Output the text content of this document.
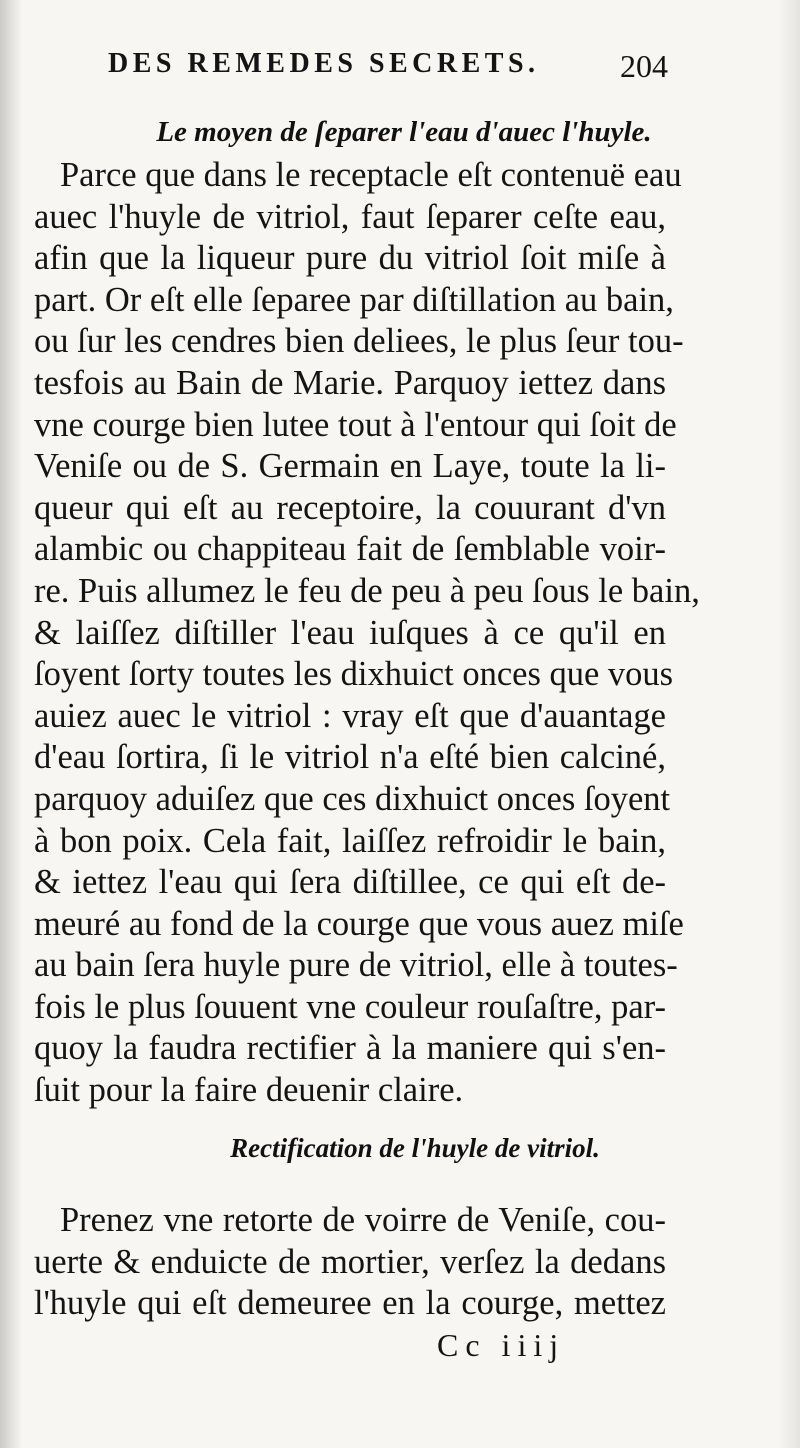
DES REMEDES SECRETS.	204
Le moyen de ſeparer l'eau d'auec l'huyle.
Parce que dans le receptacle eſt contenuë eau
auec l'huyle de vitriol, faut ſeparer ceſte eau,
afin que la liqueur pure du vitriol ſoit miſe à
part. Or eſt elle ſeparee par diſtillation au bain,
ou ſur les cendres bien deliees, le plus ſeur tou-
tesfois au Bain de Marie. Parquoy iettez dans
vne courge bien lutee tout à l'entour qui ſoit de
Veniſe ou de S. Germain en Laye, toute la li-
queur qui eſt au receptoire, la couurant d'vn
alambic ou chappiteau fait de ſemblable voir-
re. Puis allumez le feu de peu à peu ſous le bain,
& laiſſez diſtiller l'eau iuſques à ce qu'il en
ſoyent ſorty toutes les dixhuict onces que vous
auiez auec le vitriol : vray eſt que d'auantage
d'eau ſortira, ſi le vitriol n'a eſté bien calciné,
parquoy aduiſez que ces dixhuict onces ſoyent
à bon poix. Cela fait, laiſſez refroidir le bain,
& iettez l'eau qui ſera diſtillee, ce qui eſt de-
meuré au fond de la courge que vous auez miſe
au bain ſera huyle pure de vitriol, elle à toutes-
fois le plus ſouuent vne couleur rouſaſtre, par-
quoy la faudra rectifier à la maniere qui s'en-
ſuit pour la faire deuenir claire.
Rectification de l'huyle de vitriol.
Prenez vne retorte de voirre de Veniſe, cou-
uerte & enduicte de mortier, verſez la dedans
l'huyle qui eſt demeuree en la courge, mettez
Cc iiij
